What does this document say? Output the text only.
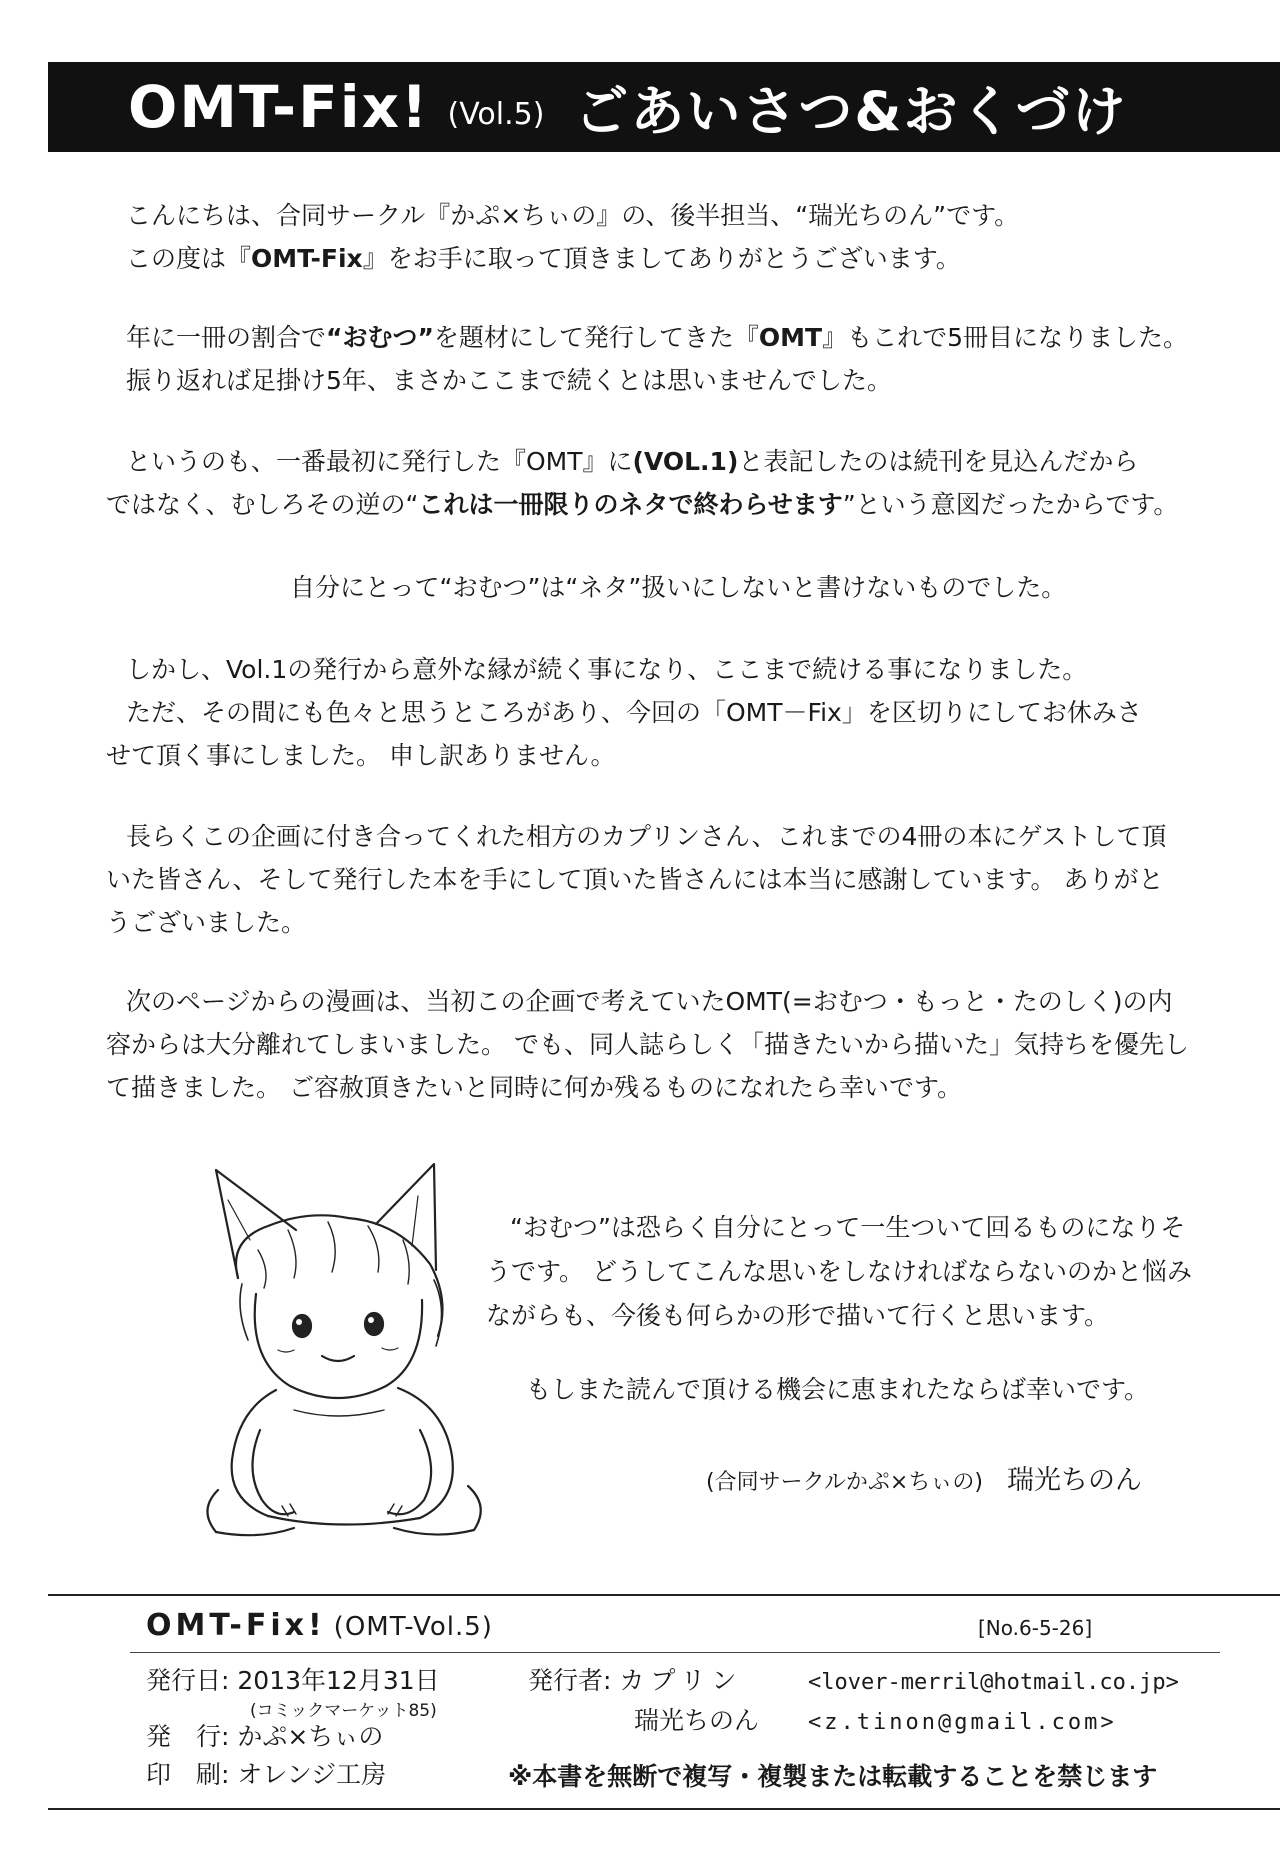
OMT-Fix! (Vol.5) ごあいさつ&おくづけ

こんにちは、合同サークル『かぷ×ちぃの』の、後半担当、“瑞光ちのん”です。

この度は『OMT-Fix』をお手に取って頂きましてありがとうございます。

年に一冊の割合で“おむつ”を題材にして発行してきた『OMT』もこれで5冊目になりました。

振り返れば足掛け5年、まさかここまで続くとは思いませんでした。

というのも、一番最初に発行した『OMT』に(VOL.1)と表記したのは続刊を見込んだから

ではなく、むしろその逆の“これは一冊限りのネタで終わらせます”という意図だったからです。

自分にとって“おむつ”は“ネタ”扱いにしないと書けないものでした。

しかし、Vol.1の発行から意外な縁が続く事になり、ここまで続ける事になりました。

ただ、その間にも色々と思うところがあり、今回の「OMT－Fix」を区切りにしてお休みさ

せて頂く事にしました。 申し訳ありません。

長らくこの企画に付き合ってくれた相方のカプリンさん、これまでの4冊の本にゲストして頂

いた皆さん、そして発行した本を手にして頂いた皆さんには本当に感謝しています。 ありがと

うございました。

次のページからの漫画は、当初この企画で考えていたOMT(=おむつ・もっと・たのしく)の内

容からは大分離れてしまいました。 でも、同人誌らしく「描きたいから描いた」気持ちを優先し

て描きました。 ご容赦頂きたいと同時に何か残るものになれたら幸いです。

“おむつ”は恐らく自分にとって一生ついて回るものになりそ

うです。 どうしてこんな思いをしなければならないのかと悩み

ながらも、今後も何らかの形で描いて行くと思います。

もしまた読んで頂ける機会に恵まれたならば幸いです。

(合同サークルかぷ×ちぃの) 瑞光ちのん
OMT-Fix! (OMT-Vol.5)	[No.6-5-26]
発行日: 2013年12月31日
(コミックマーケット85)
発　行: かぷ×ちぃの
印　刷: オレンジ工房
発行者: カプリン	<lover-merril@hotmail.co.jp>
瑞光ちのん <z.tinon@gmail.com>
※本書を無断で複写・複製または転載することを禁じます
